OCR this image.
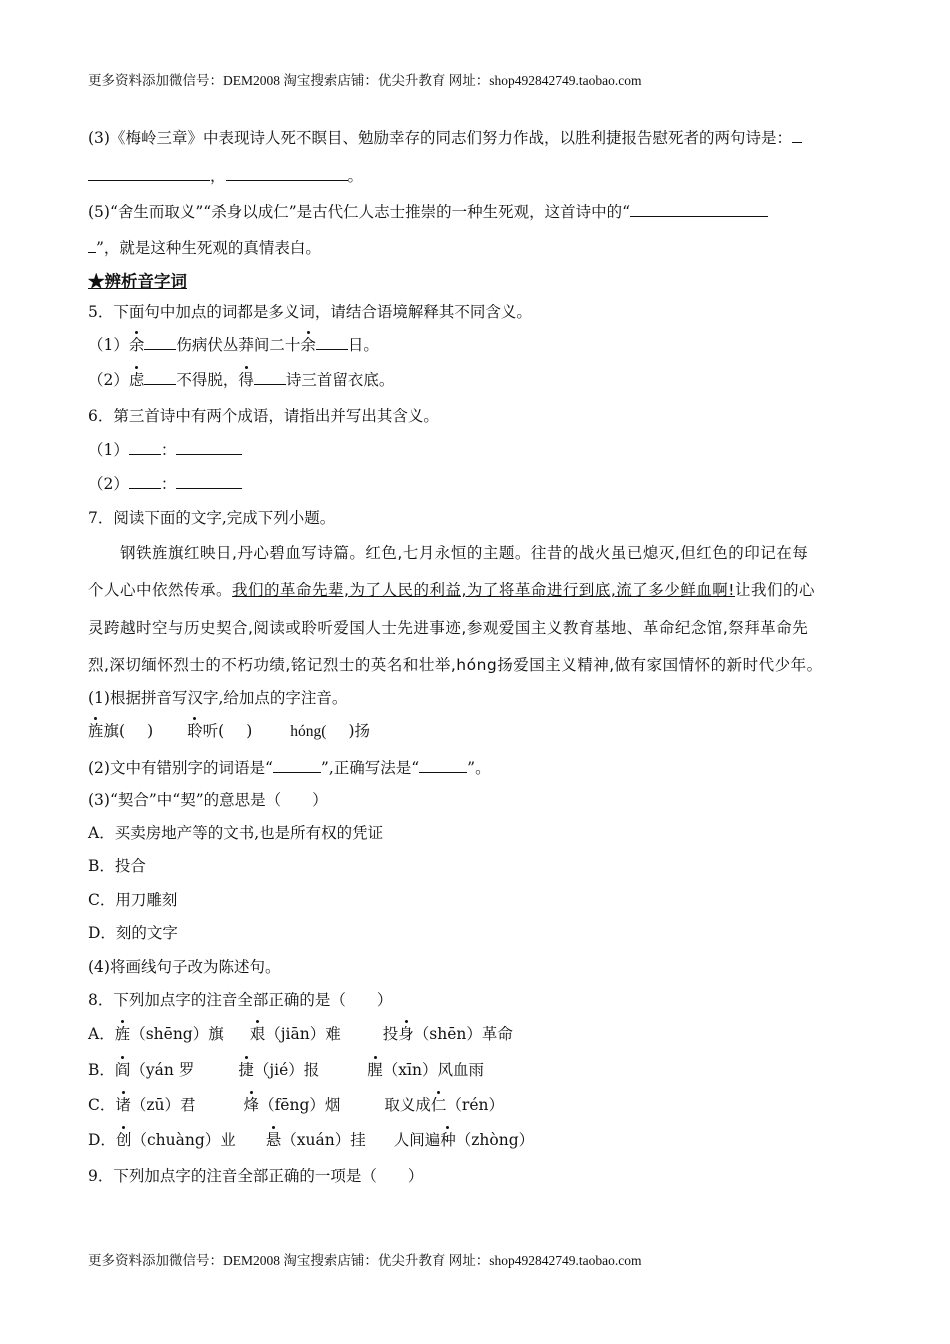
更多资料添加微信号：DEM2008 淘宝搜索店铺：优尖升教育 网址：shop492842749.taobao.com
(3)《梅岭三章》中表现诗人死不瞑目、勉励幸存的同志们努力作战，以胜利捷报告慰死者的两句诗是：
，	。
(5)“舍生而取义”“杀身以成仁”是古代仁人志士推崇的一种生死观，这首诗中的“
”，就是这种生死观的真情表白。
★辨析音字词
5．下面句中加点的词都是多义词，请结合语境解释其不同含义。
（1）余 伤病伏丛莽间二十余 日。
（2）虑 不得脱，得 诗三首留衣底。
6．第三首诗中有两个成语，请指出并写出其含义。
（1） ：
（2） ：
7．阅读下面的文字,完成下列小题。
钢铁旌旗红映日,丹心碧血写诗篇。红色,七月永恒的主题。往昔的战火虽已熄灭,但红色的印记在每
个人心中依然传承。我们的革命先辈,为了人民的利益,为了将革命进行到底,流了多少鲜血啊!让我们的心
灵跨越时空与历史契合,阅读或聆听爱国人士先进事迹,参观爱国主义教育基地、革命纪念馆,祭拜革命先
烈,深切缅怀烈士的不朽功绩,铭记烈士的英名和壮举,hóng扬爱国主义精神,做有家国情怀的新时代少年。
(1)根据拼音写汉字,给加点的字注音。
旌旗( ) 聆听( ) hóng( )扬
(2)文中有错别字的词语是“	”,正确写法是“	”。
(3)“契合”中“契”的意思是（　　）
A．买卖房地产等的文书,也是所有权的凭证
B．投合
C．用刀雕刻
D．刻的文字
(4)将画线句子改为陈述句。
8．下列加点字的注音全部正确的是（　　）
A．旌（shēng）旗 艰（jiān）难	投身（shēn）革命
B．阎（yán 罗	捷（jié）报	腥（xīn）风血雨
C．诸（zū）君	烽（fēng）烟	取义成仁（rén）
D．创（chuàng）业 悬（xuán）挂 人间遍种（zhòng）
9．下列加点字的注音全部正确的一项是（　　）
更多资料添加微信号：DEM2008 淘宝搜索店铺：优尖升教育 网址：shop492842749.taobao.com
